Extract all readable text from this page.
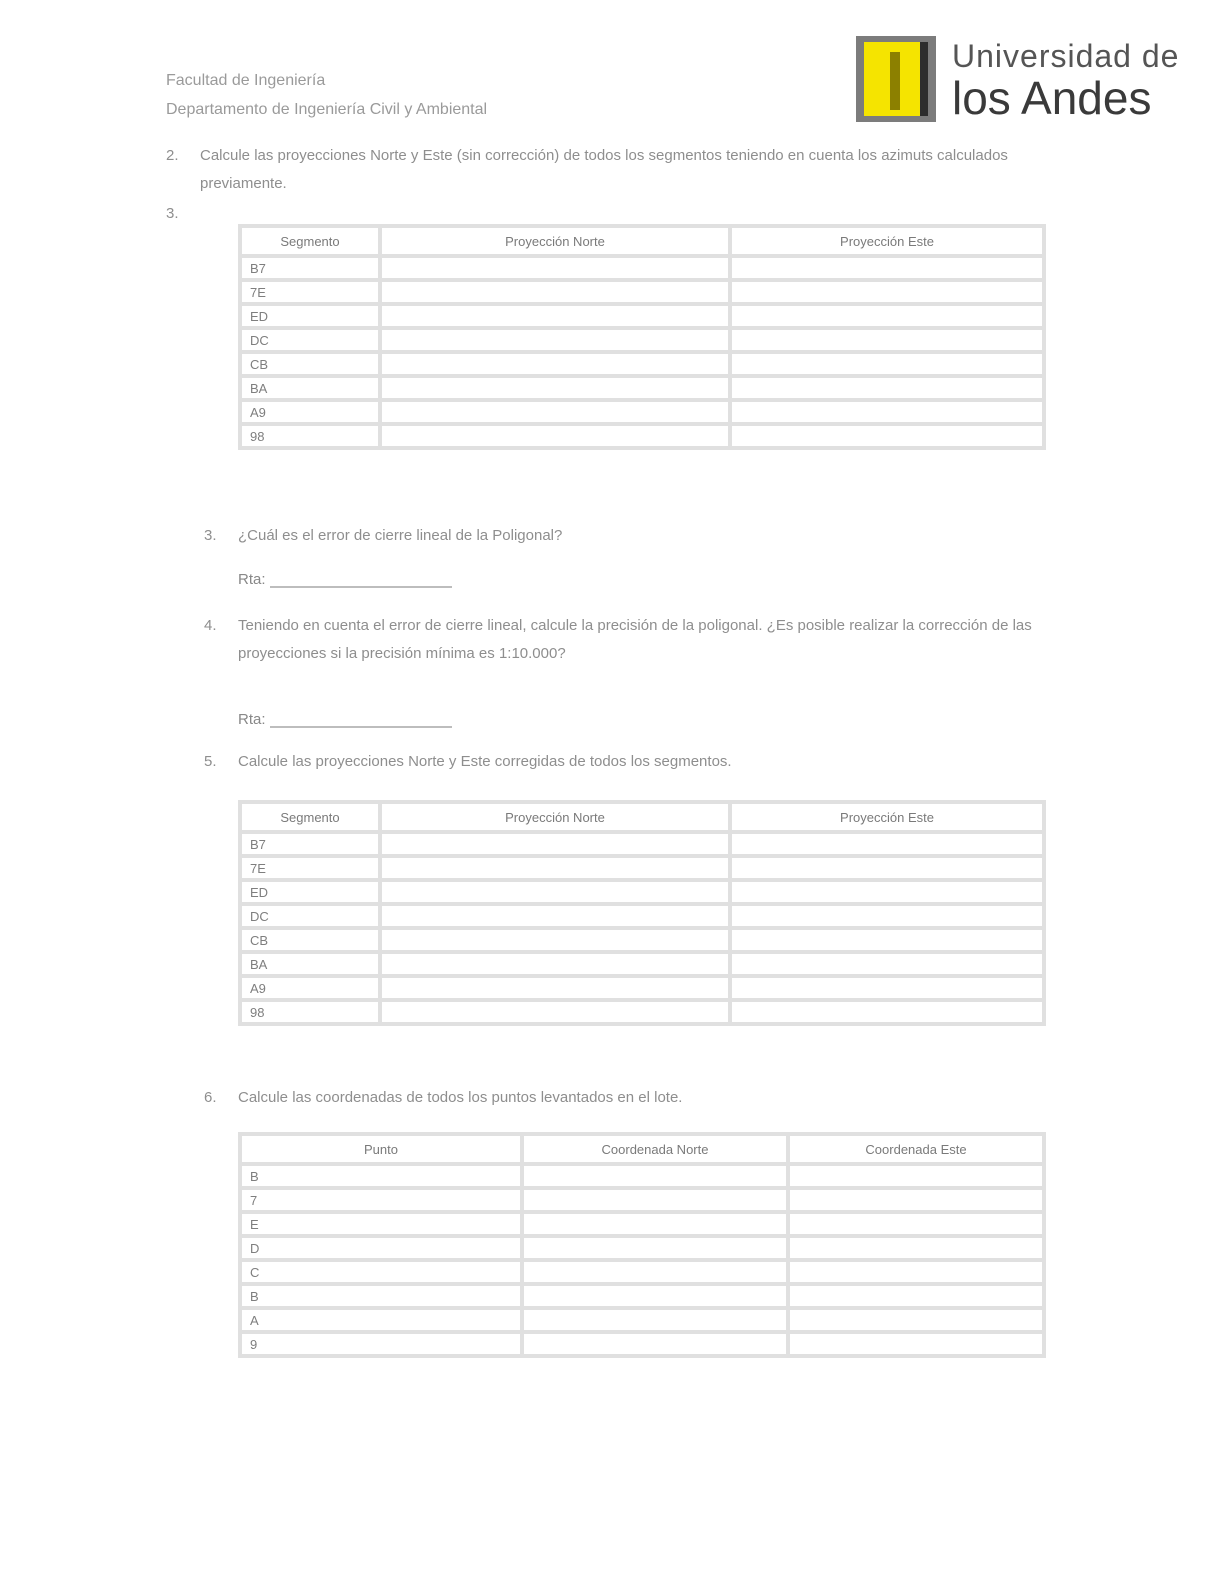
Facultad de Ingeniería
Departamento de Ingeniería Civil y Ambiental
Universidad de
los Andes
2. Calcule las proyecciones Norte y Este (sin corrección) de todos los segmentos teniendo en cuenta los azimuts calculados previamente.
3.
Segmento	Proyección Norte	Proyección Este
B7		
7E		
ED		
DC		
CB		
BA		
A9		
98		
3. ¿Cuál es el error de cierre lineal de la Poligonal?
Rta:
4. Teniendo en cuenta el error de cierre lineal, calcule la precisión de la poligonal. ¿Es posible realizar la corrección de las proyecciones si la precisión mínima es 1:10.000?
Rta:
5. Calcule las proyecciones Norte y Este corregidas de todos los segmentos.
Segmento	Proyección Norte	Proyección Este
B7		
7E		
ED		
DC		
CB		
BA		
A9		
98		
6. Calcule las coordenadas de todos los puntos levantados en el lote.
Punto	Coordenada Norte	Coordenada Este
B		
7		
E		
D		
C		
B		
A		
9		
